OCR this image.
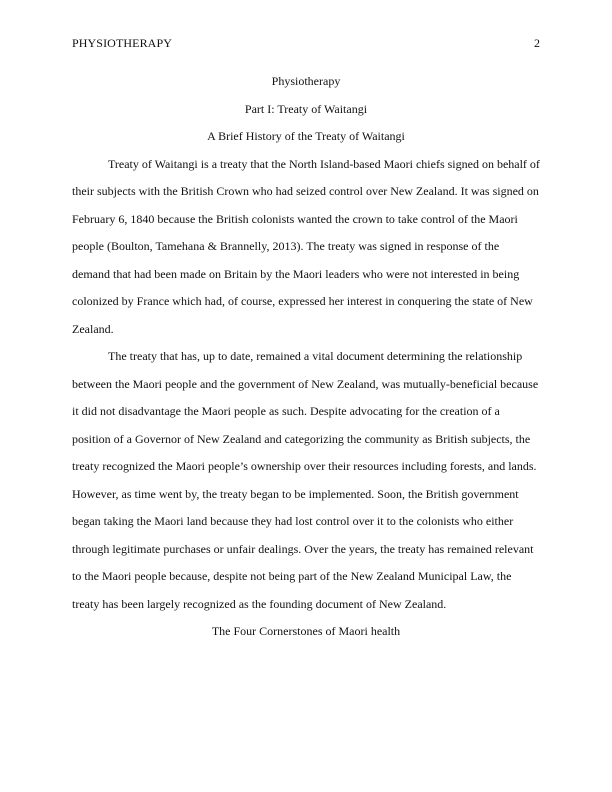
PHYSIOTHERAPY	2

Physiotherapy

Part I: Treaty of Waitangi

A Brief History of the Treaty of Waitangi

Treaty of Waitangi is a treaty that the North Island-based Maori chiefs signed on behalf of their subjects with the British Crown who had seized control over New Zealand. It was signed on February 6, 1840 because the British colonists wanted the crown to take control of the Maori people (Boulton, Tamehana & Brannelly, 2013). The treaty was signed in response of the demand that had been made on Britain by the Maori leaders who were not interested in being colonized by France which had, of course, expressed her interest in conquering the state of New Zealand.

The treaty that has, up to date, remained a vital document determining the relationship between the Maori people and the government of New Zealand, was mutually-beneficial because it did not disadvantage the Maori people as such. Despite advocating for the creation of a position of a Governor of New Zealand and categorizing the community as British subjects, the treaty recognized the Maori people’s ownership over their resources including forests, and lands. However, as time went by, the treaty began to be implemented. Soon, the British government began taking the Maori land because they had lost control over it to the colonists who either through legitimate purchases or unfair dealings. Over the years, the treaty has remained relevant to the Maori people because, despite not being part of the New Zealand Municipal Law, the treaty has been largely recognized as the founding document of New Zealand.

The Four Cornerstones of Maori health
